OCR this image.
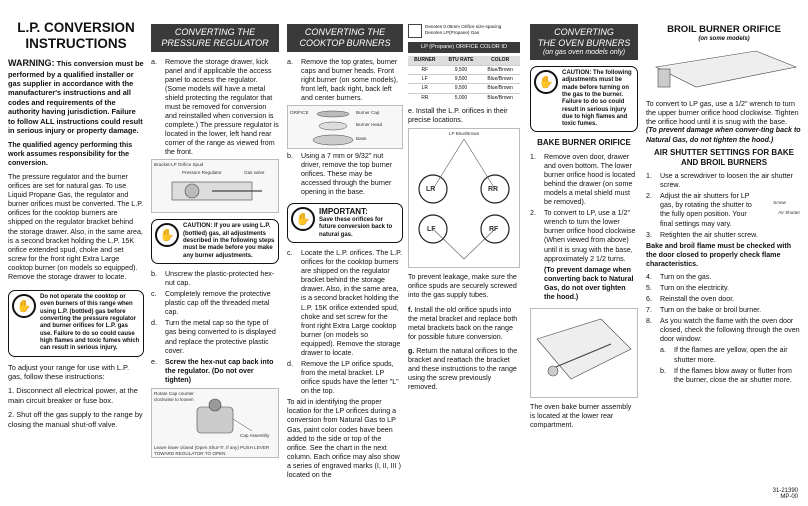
L.P. CONVERSION INSTRUCTIONS
WARNING: This conversion must be performed by a qualified installer or gas supplier in accordance with the manufacturer's instructions and all codes and requirements of the authority having jurisdiction. Failure to follow ALL instructions could result in serious injury or property damage.
The qualified agency performing this work assumes responsibility for the conversion.
The pressure regulator and the burner orifices are set for natural gas. To use Liquid Propane Gas, the regulator and burner orifices must be converted. The L.P. orifices for the cooktop burners are shipped on the regulator bracket behind the storage drawer. Also, in the same area, is a second bracket holding the L.P. 15K orifice extended spud, choke and set screw for the front right Extra Large cooktop burner (on models so equipped). Remove the storage drawer to locate.
✋
Do not operate the cooktop or oven burners of this range when using L.P. (bottled) gas before converting the pressure regulator and burner orifices for L.P. gas use. Failure to do so could cause high flames and toxic fumes which can result in serious injury.
To adjust your range for use with L.P. gas, follow these instructions:
1. Disconnect all electrical power, at the main circuit breaker or fuse box.
2. Shut off the gas supply to the range by closing the manual shut-off valve.
CONVERTING THE
PRESSURE REGULATOR
a. Remove the storage drawer, kick panel and if applicable the access panel to access the regulator. (Some models will have a metal shield protecting the regulator that must be removed for conversion and reinstalled when conversion is complete.) The pressure regulator is located in the lower, left hand rear corner of the range as viewed from the front.
Bracket-LP Orifice Spud
Pressure Regulator	Gas valve
✋
CAUTION: If you are using L.P. (bottled) gas, all adjustments described in the following steps must be made before you make any burner adjustments.
b. Unscrew the plastic-protected hex-nut cap.
c. Completely remove the protective plastic cap off the threaded metal cap.
d. Turn the metal cap so the type of gas being converted to is displayed and replace the protective plastic cover.
e. Screw the hex-nut cap back into the regulator. (Do not over tighten)
Rotate Cap counter clockwise to loosen
Cap Assembly
Leave lower closed (Open Shut-Tr. If any) PUSH LEVER TOWARD REGULATOR TO OPEN
CONVERTING THE
COOKTOP BURNERS
a. Remove the top grates, burner caps and burner heads. Front right burner (on some models), front left, back right, back left and center burners.
Burner Cap
Burner Head
Base
ORIFICE
b. Using a 7 mm or 9/32" nut driver, remove the top burner orifices. These may be accessed through the burner opening in the base.
✋
IMPORTANT:
Save these orifices for future conversion back to natural gas.
c. Locate the L.P. orifices. The L.P. orifices for the cooktop burners are shipped on the regulator bracket behind the storage drawer. Also, in the same area, is a second bracket holding the L.P. 15K orifice extended spud, choke and set screw for the front right Extra Large cooktop burner (on models so equipped). Remove the storage drawer to locate.
d. Remove the LP orifice spuds, from the metal bracket. LP orifice spuds have the letter "L" on the top.
To aid in identifying the proper location for the LP orifices during a conversion from Natural Gas to LP Gas, paint color codes have been added to the side or top of the orifice. See the chart in the next column. Each orifice may also show a series of engraved marks (I, II, III ) located on the
Denotes 0.05mm Orifice size-spacing
Denotes LP(Propane) Gas
LP (Propane) ORIFICE COLOR ID
BURNER	BTU RATE	COLOR
RF	9,500	Blue/Brown
LF	9,500	Blue/Brown
LR	9,500	Blue/Brown
RR	5,000	Blue/Brown
e. Install the L.P. orifices in their precise locations.
LR	RR
LF	RF
LP Blue/Brown
To prevent leakage, make sure the orifice spuds are securely screwed into the gas supply tubes.
f. Install the old orifice spuds into the metal bracket and replace both metal brackets back on the range for possible future conversion.
g. Return the natural orifices to the bracket and reattach the bracket and these instructions to the range using the screw previously removed.
CONVERTING
THE OVEN BURNERS
(on gas oven models only)
✋
CAUTION: The following adjustments must be made before turning on the gas to the burner. Failure to do so could result in serious injury due to high flames and toxic fumes.
BAKE BURNER ORIFICE
1. Remove oven door, drawer and oven bottom. The lower burner orifice hood is located behind the drawer (on some models a metal shield must be removed).
2. To convert to LP, use a 1/2" wrench to turn the lower burner orifice hood clockwise (When viewed from above) until it is snug with the base, approximately 2 1/2 turns.
(To prevent damage when converting back to Natural Gas, do not over tighten the hood.)
The oven bake burner assembly is located at the lower rear compartment.
BROIL BURNER ORIFICE
(on some models)
To convert to LP gas, use a 1/2" wrench to turn the upper burner orifice hood clockwise. Tighten the orifice hood until it is snug with the base.
(To prevent damage when conver-ting back to Natural Gas, do not tighten the hood.)
AIR SHUTTER SETTINGS FOR BAKE AND BROIL BURNERS
1. Use a screwdriver to loosen the air shutter screw.
2. Adjust the air shutters for LP gas, by rotating the shutter to the fully open position. Your final settings may vary.
Screw
Air Shutter
3. Retighten the air shutter screw.
Bake and broil flame must be checked with the door closed to properly check flame characteristics.
4. Turn on the gas.
5. Turn on the electricity.
6. Reinstall the oven door.
7. Turn on the bake or broil burner.
8. As you watch the flame with the oven door closed, check the following through the oven door window:
a. If the flames are yellow, open the air shutter more.
b. If the flames blow away or flutter from the burner, close the air shutter more.
31-21390
MP-00
